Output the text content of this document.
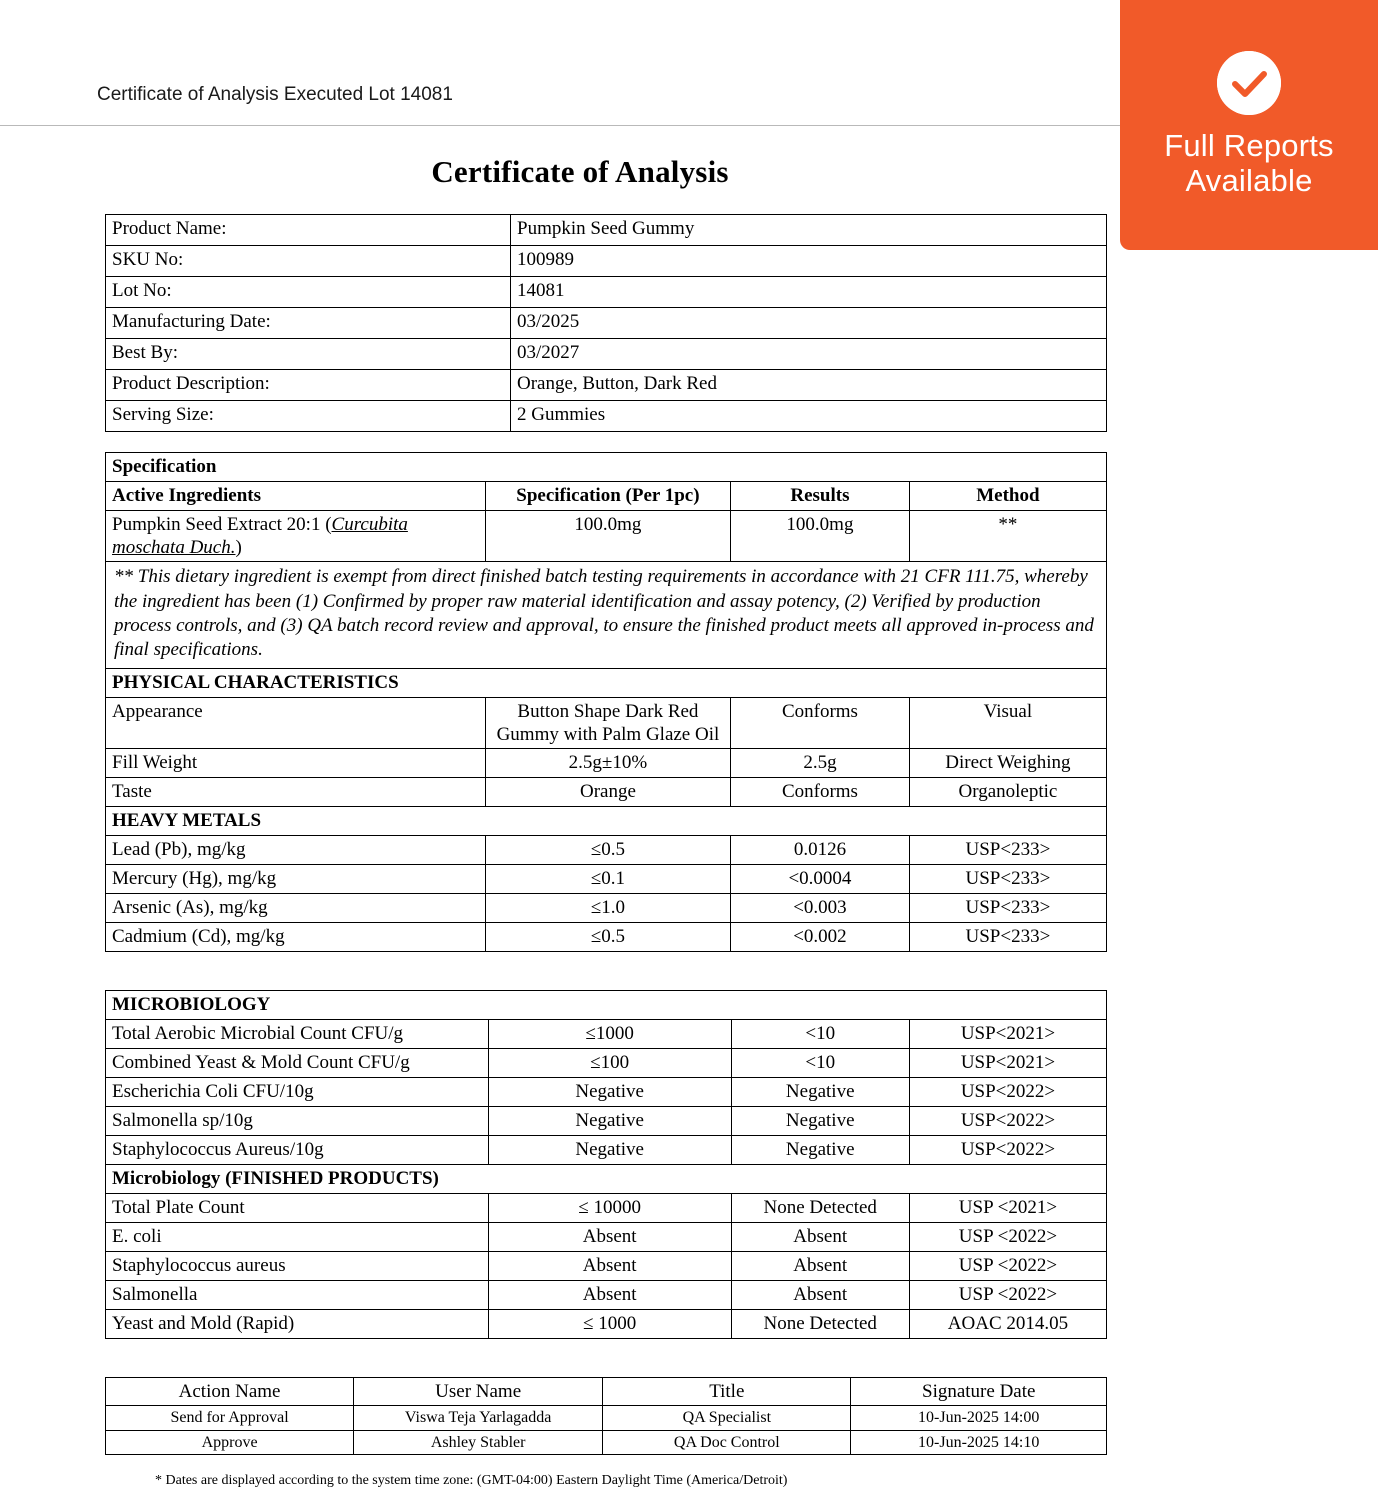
Certificate of Analysis Executed Lot 14081
Full Reports
Available
Certificate of Analysis
Product Name:	Pumpkin Seed Gummy
SKU No:	100989
Lot No:	14081
Manufacturing Date:	03/2025
Best By:	03/2027
Product Description:	Orange, Button, Dark Red
Serving Size:	2 Gummies
Specification			
Active Ingredients	Specification (Per 1pc)	Results	Method
Pumpkin Seed Extract 20:1 (Curcubita moschata Duch.)	100.0mg	100.0mg	**
** This dietary ingredient is exempt from direct finished batch testing requirements in accordance with 21 CFR 111.75, whereby the ingredient has been (1) Confirmed by proper raw material identification and assay potency, (2) Verified by production process controls, and (3) QA batch record review and approval, to ensure the finished product meets all approved in-process and final specifications.			
PHYSICAL CHARACTERISTICS			
Appearance	Button Shape Dark Red Gummy with Palm Glaze Oil	Conforms	Visual
Fill Weight	2.5g±10%	2.5g	Direct Weighing
Taste	Orange	Conforms	Organoleptic
HEAVY METALS			
Lead (Pb), mg/kg	≤0.5	0.0126	USP<233>
Mercury (Hg), mg/kg	≤0.1	<0.0004	USP<233>
Arsenic (As), mg/kg	≤1.0	<0.003	USP<233>
Cadmium (Cd), mg/kg	≤0.5	<0.002	USP<233>
MICROBIOLOGY			
Total Aerobic Microbial Count CFU/g	≤1000	<10	USP<2021>
Combined Yeast & Mold Count CFU/g	≤100	<10	USP<2021>
Escherichia Coli CFU/10g	Negative	Negative	USP<2022>
Salmonella sp/10g	Negative	Negative	USP<2022>
Staphylococcus Aureus/10g	Negative	Negative	USP<2022>
Microbiology (FINISHED PRODUCTS)			
Total Plate Count	≤ 10000	None Detected	USP <2021>
E. coli	Absent	Absent	USP <2022>
Staphylococcus aureus	Absent	Absent	USP <2022>
Salmonella	Absent	Absent	USP <2022>
Yeast and Mold (Rapid)	≤ 1000	None Detected	AOAC 2014.05
Action Name	User Name	Title	Signature Date
Send for Approval	Viswa Teja Yarlagadda	QA Specialist	10-Jun-2025 14:00
Approve	Ashley Stabler	QA Doc Control	10-Jun-2025 14:10
* Dates are displayed according to the system time zone: (GMT-04:00) Eastern Daylight Time (America/Detroit)
